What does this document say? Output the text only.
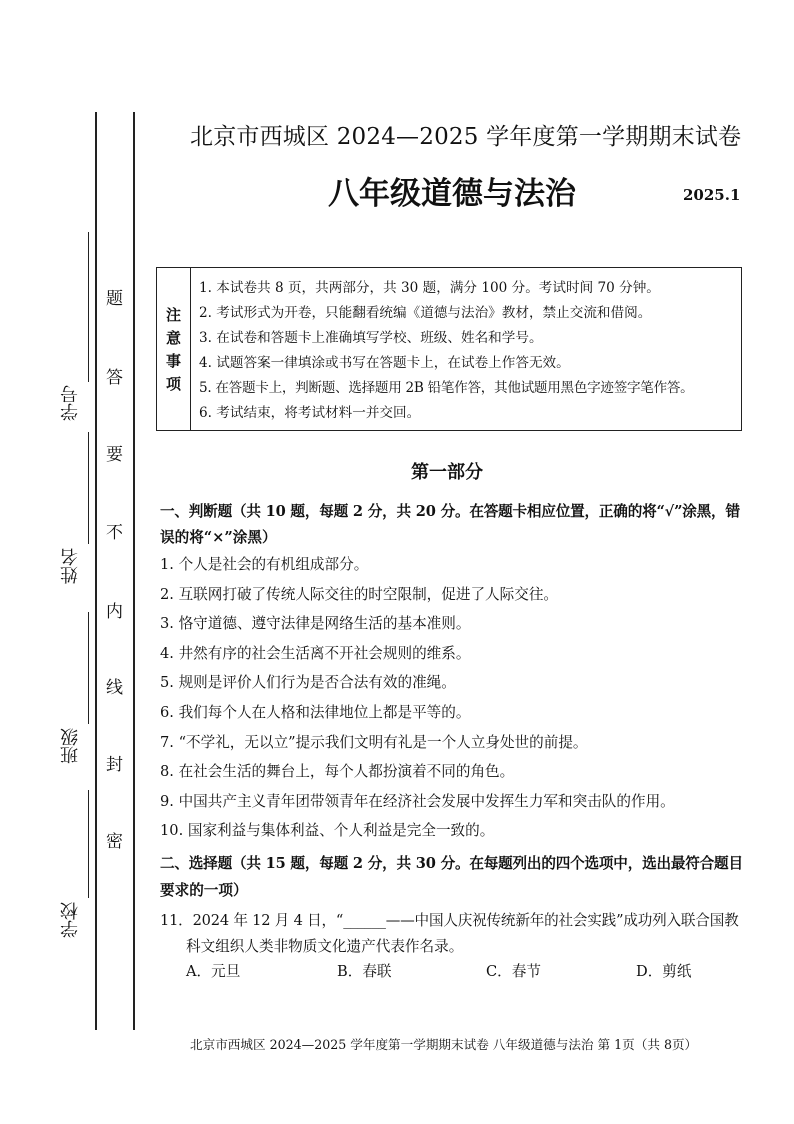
学号
姓名
班级
学校
题
答
要
不
内
线
封
密
北京市西城区 2024—2025 学年度第一学期期末试卷
八年级道德与法治	2025.1
注
意
事
项
1. 本试卷共 8 页，共两部分，共 30 题，满分 100 分。考试时间 70 分钟。
2. 考试形式为开卷，只能翻看统编《道德与法治》教材，禁止交流和借阅。
3. 在试卷和答题卡上准确填写学校、班级、姓名和学号。
4. 试题答案一律填涂或书写在答题卡上，在试卷上作答无效。
5. 在答题卡上，判断题、选择题用 2B 铅笔作答，其他试题用黑色字迹签字笔作答。
6. 考试结束，将考试材料一并交回。
第一部分
一、判断题（共 10 题，每题 2 分，共 20 分。在答题卡相应位置，正确的将“√”涂黑，错
误的将“×”涂黑）
1. 个人是社会的有机组成部分。
2. 互联网打破了传统人际交往的时空限制，促进了人际交往。
3. 恪守道德、遵守法律是网络生活的基本准则。
4. 井然有序的社会生活离不开社会规则的维系。
5. 规则是评价人们行为是否合法有效的准绳。
6. 我们每个人在人格和法律地位上都是平等的。
7. “不学礼，无以立”提示我们文明有礼是一个人立身处世的前提。
8. 在社会生活的舞台上，每个人都扮演着不同的角色。
9. 中国共产主义青年团带领青年在经济社会发展中发挥生力军和突击队的作用。
10. 国家利益与集体利益、个人利益是完全一致的。
二、选择题（共 15 题，每题 2 分，共 30 分。在每题列出的四个选项中，选出最符合题目
要求的一项）
11．2024 年 12 月 4 日，“______——中国人庆祝传统新年的社会实践”成功列入联合国教
科文组织人类非物质文化遗产代表作名录。
A．元旦	B．春联	C．春节	D．剪纸
北京市西城区 2024—2025 学年度第一学期期末试卷 八年级道德与法治 第 1页（共 8页）
